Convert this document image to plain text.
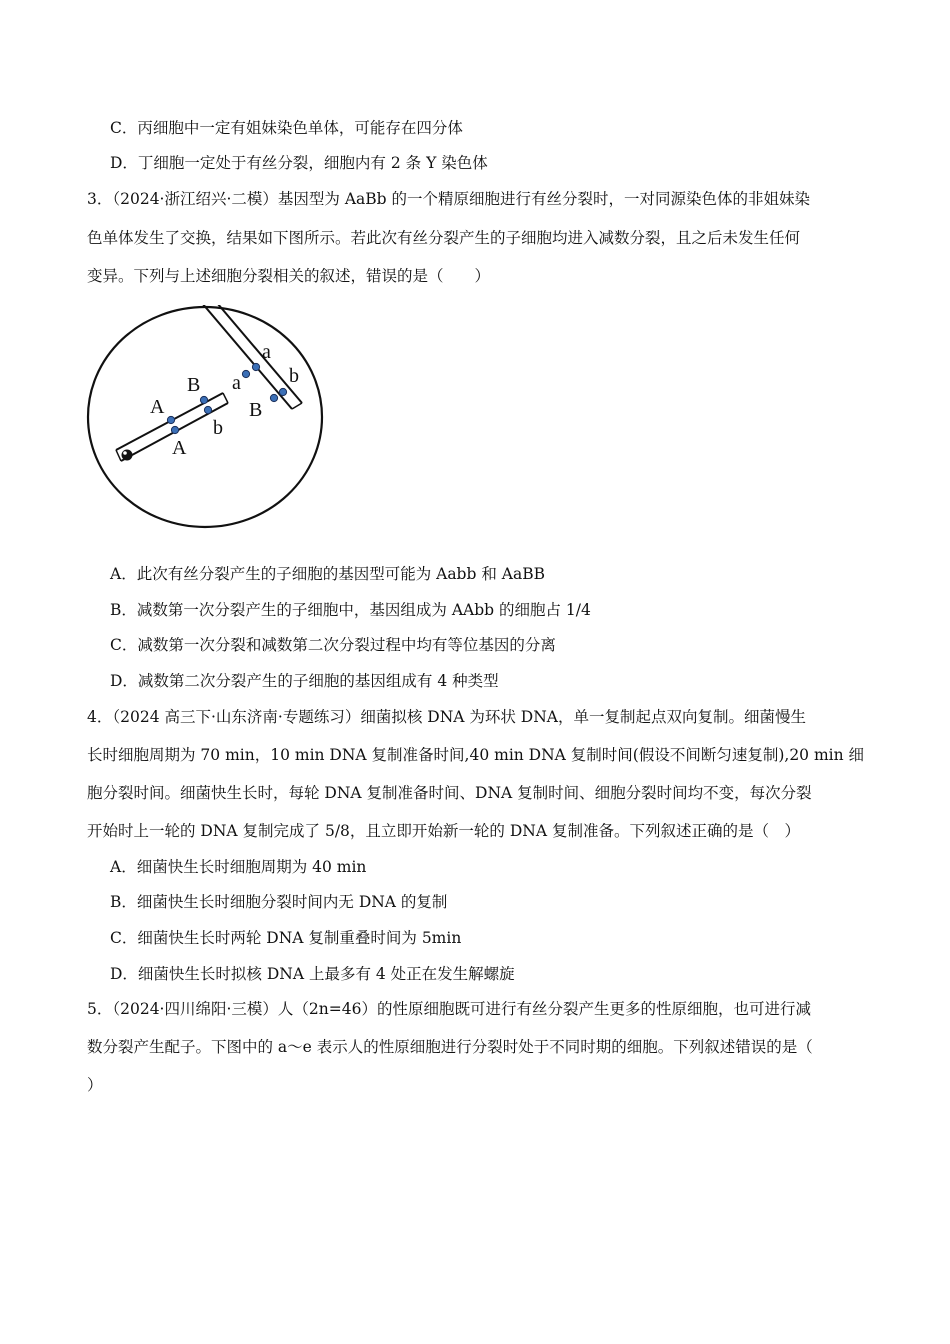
C．丙细胞中一定有姐妹染色单体，可能存在四分体
D．丁细胞一定处于有丝分裂，细胞内有 2 条 Y 染色体
3．（2024·浙江绍兴·二模）基因型为 AaBb 的一个精原细胞进行有丝分裂时，一对同源染色体的非姐妹染
色单体发生了交换，结果如下图所示。若此次有丝分裂产生的子细胞均进入减数分裂，且之后未发生任何
变异。下列与上述细胞分裂相关的叙述，错误的是（　　）
a
a b
B
B
A
A
b
A．此次有丝分裂产生的子细胞的基因型可能为 Aabb 和 AaBB
B．减数第一次分裂产生的子细胞中，基因组成为 AAbb 的细胞占 1/4
C．减数第一次分裂和减数第二次分裂过程中均有等位基因的分离
D．减数第二次分裂产生的子细胞的基因组成有 4 种类型
4．（2024 高三下·山东济南·专题练习）细菌拟核 DNA 为环状 DNA，单一复制起点双向复制。细菌慢生
长时细胞周期为 70 min，10 min DNA 复制准备时间,40 min DNA 复制时间(假设不间断匀速复制),20 min 细
胞分裂时间。细菌快生长时，每轮 DNA 复制准备时间、DNA 复制时间、细胞分裂时间均不变，每次分裂
开始时上一轮的 DNA 复制完成了 5/8，且立即开始新一轮的 DNA 复制准备。下列叙述正确的是（　）
A．细菌快生长时细胞周期为 40 min
B．细菌快生长时细胞分裂时间内无 DNA 的复制
C．细菌快生长时两轮 DNA 复制重叠时间为 5min
D．细菌快生长时拟核 DNA 上最多有 4 处正在发生解螺旋
5．（2024·四川绵阳·三模）人（2n=46）的性原细胞既可进行有丝分裂产生更多的性原细胞，也可进行减
数分裂产生配子。下图中的 a～e 表示人的性原细胞进行分裂时处于不同时期的细胞。下列叙述错误的是（
）
